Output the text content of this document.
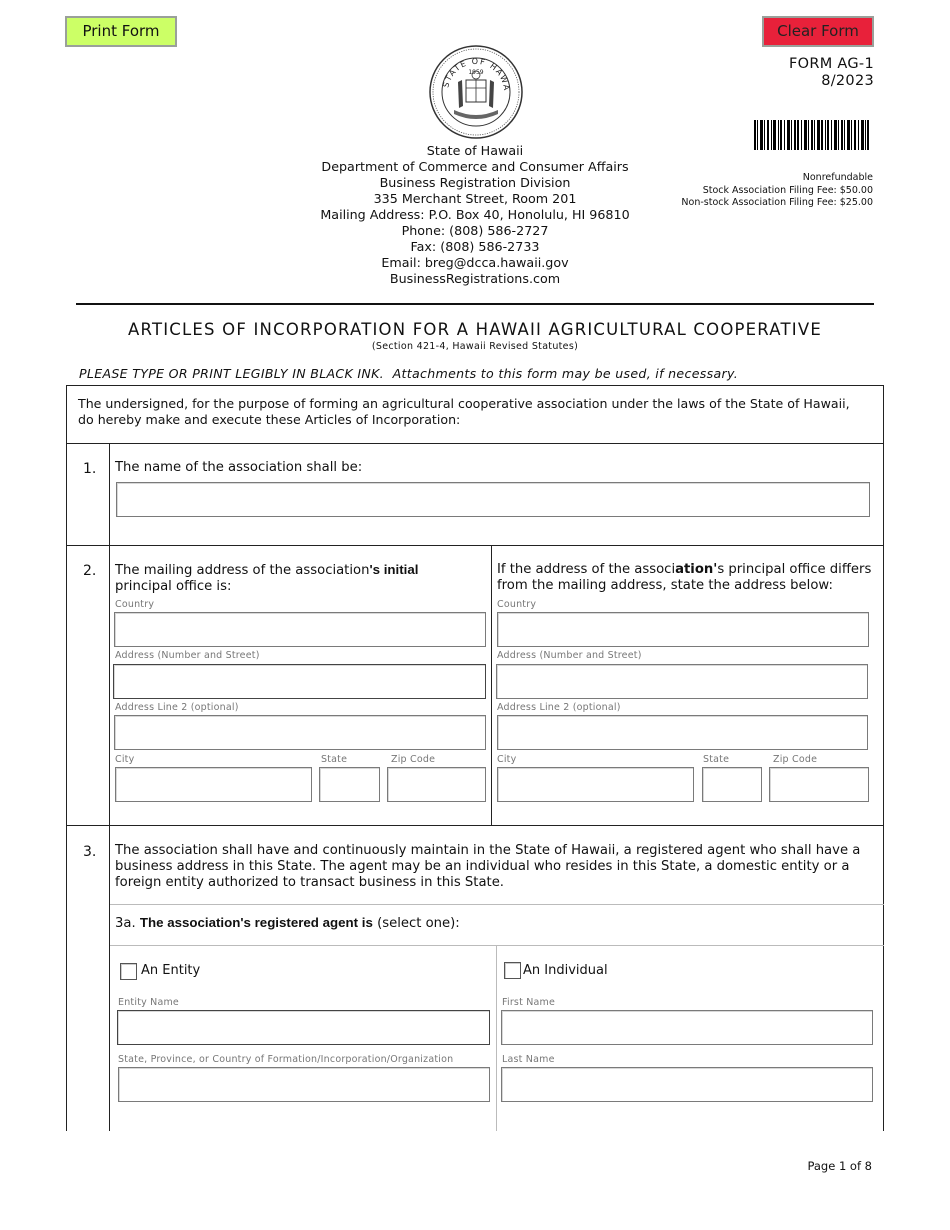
Print Form	Clear Form
FORM AG-1
8/2023
Nonrefundable
Stock Association Filing Fee: $50.00
Non-stock Association Filing Fee: $25.00
STATE OF HAWA
1959
State of Hawaii
Department of Commerce and Consumer Affairs
Business Registration Division
335 Merchant Street, Room 201
Mailing Address: P.O. Box 40, Honolulu, HI 96810
Phone: (808) 586-2727
Fax: (808) 586-2733
Email: breg@dcca.hawaii.gov
BusinessRegistrations.com
ARTICLES OF INCORPORATION FOR A HAWAII AGRICULTURAL COOPERATIVE
(Section 421-4, Hawaii Revised Statutes)
PLEASE TYPE OR PRINT LEGIBLY IN BLACK INK. Attachments to this form may be used, if necessary.
The undersigned, for the purpose of forming an agricultural cooperative association under the laws of the State of Hawaii, do hereby make and execute these Articles of Incorporation:
1. The name of the association shall be:
2. The mailing address of the association's initial
principal office is:
If the address of the association's principal office differs from the mailing address, state the address below:
Country
Address (Number and Street)
Address Line 2 (optional)
City	State	Zip Code
Country
Address (Number and Street)
Address Line 2 (optional)
City	State	Zip Code
3. The association shall have and continuously maintain in the State of Hawaii, a registered agent who shall have a business address in this State. The agent may be an individual who resides in this State, a domestic entity or a foreign entity authorized to transact business in this State.
3a. The association's registered agent is (select one):
An Entity
Entity Name
State, Province, or Country of Formation/Incorporation/Organization
An Individual
First Name
Last Name
Page 1 of 8
